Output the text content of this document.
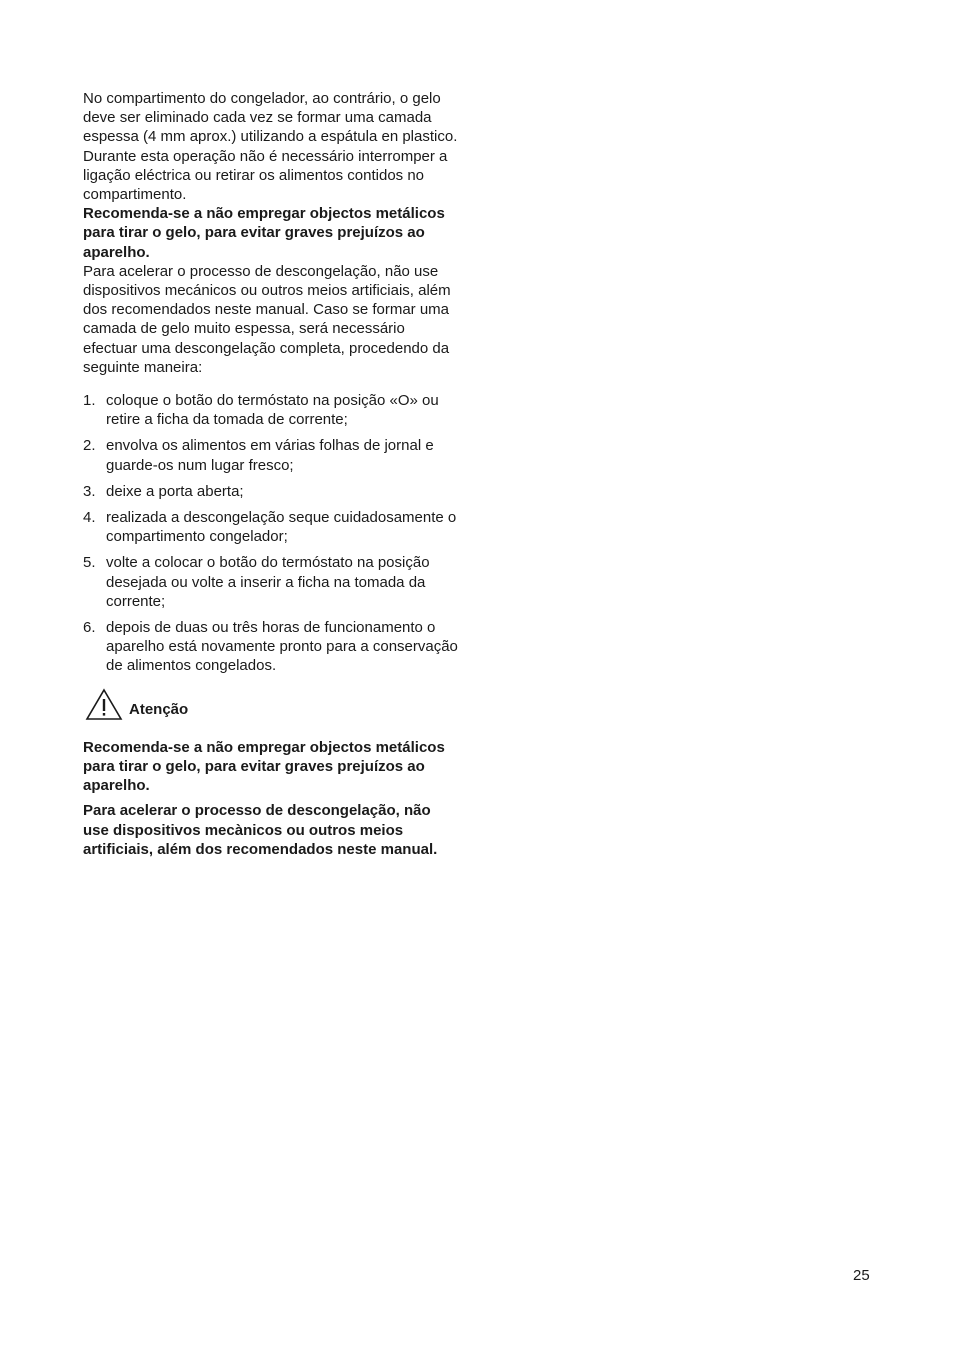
No compartimento do congelador, ao contrário, o gelo deve ser eliminado cada vez se formar uma camada espessa (4 mm aprox.) utilizando a espátula en plastico. Durante esta operação não é necessário interromper a ligação eléctrica ou retirar os alimentos contidos no compartimento.

Recomenda-se a não empregar objectos metálicos para tirar o gelo, para evitar graves prejuízos ao aparelho.

Para acelerar o processo de descongelação, não use dispositivos mecánicos ou outros meios artificiais, além dos recomendados neste manual. Caso se formar uma camada de gelo muito espessa, será necessário efectuar uma descongelação completa, procedendo da seguinte maneira:

1. coloque o botão do termóstato na posição «O» ou retire a ficha da tomada de corrente;
2. envolva os alimentos em várias folhas de jornal e guarde-os num lugar fresco;
3. deixe a porta aberta;
4. realizada a descongelação seque cuidadosamente o compartimento congelador;
5. volte a colocar o botão do termóstato na posição desejada ou volte a inserir a ficha na tomada da corrente;
6. depois de duas ou três horas de funcionamento o aparelho está novamente pronto para a conservação de alimentos congelados.
Atenção

Recomenda-se a não empregar objectos metálicos para tirar o gelo, para evitar graves prejuízos ao aparelho.

Para acelerar o processo de descongelação, não use dispositivos mecànicos ou outros meios artificiais, além dos recomendados neste manual.

25
